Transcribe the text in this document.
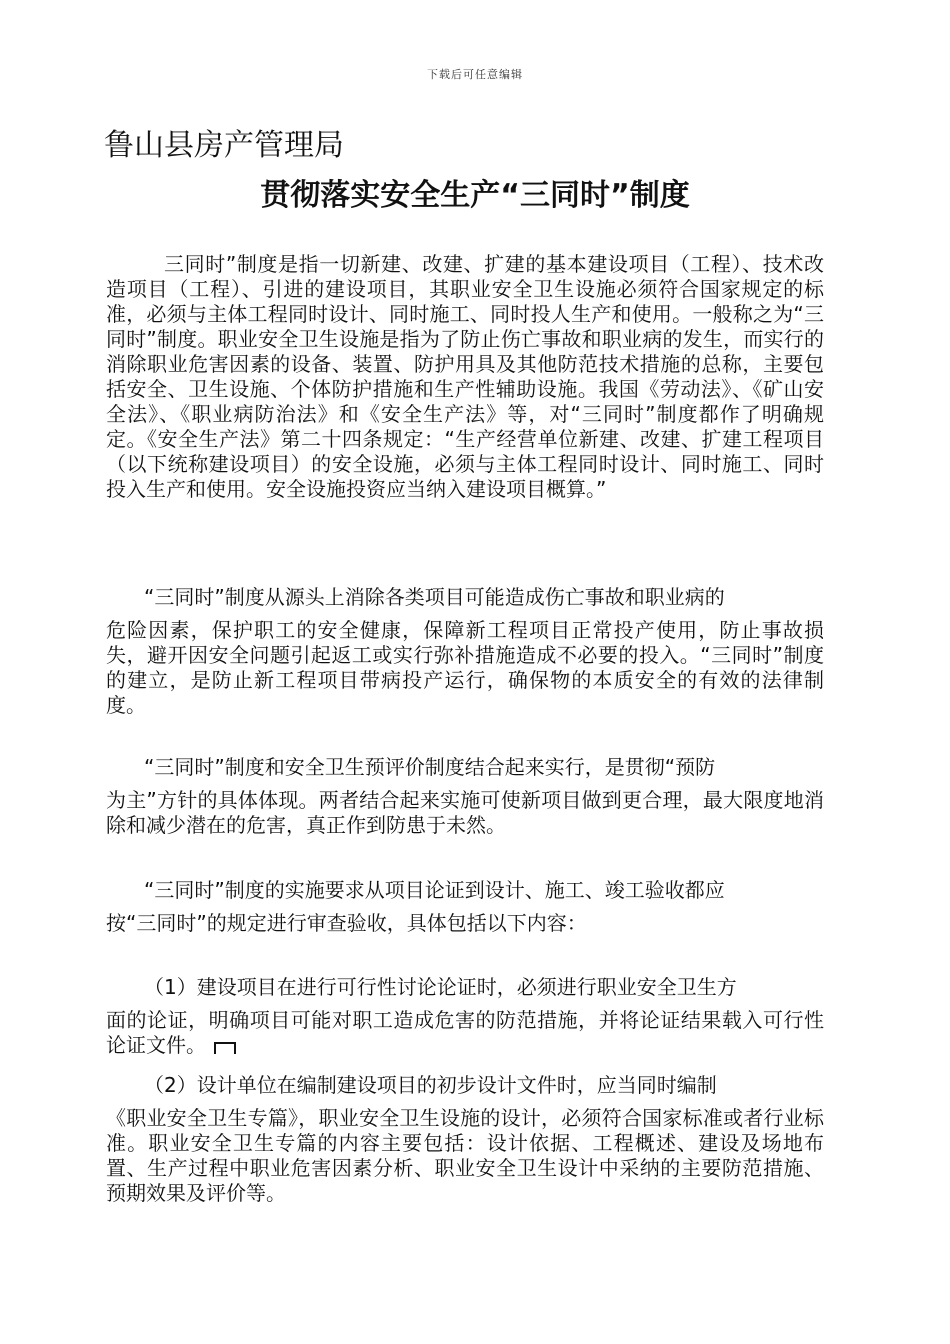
下载后可任意编辑
鲁山县房产管理局
贯彻落实安全生产“三同时”制度
三同时”制度是指一切新建、改建、扩建的基本建设项目（工程）、技术改造项目（工程）、引进的建设项目，其职业安全卫生设施必须符合国家规定的标准，必须与主体工程同时设计、同时施工、同时投人生产和使用。一般称之为“三同时”制度。职业安全卫生设施是指为了防止伤亡事故和职业病的发生，而实行的消除职业危害因素的设备、装置、防护用具及其他防范技术措施的总称，主要包括安全、卫生设施、个体防护措施和生产性辅助设施。我国《劳动法》、《矿山安全法》、《职业病防治法》和《安全生产法》等，对“三同时”制度都作了明确规定。《安全生产法》第二十四条规定：“生产经营单位新建、改建、扩建工程项目（以下统称建设项目）的安全设施，必须与主体工程同时设计、同时施工、同时投入生产和使用。安全设施投资应当纳入建设项目概算。”
“三同时”制度从源头上消除各类项目可能造成伤亡事故和职业病的
危险因素，保护职工的安全健康，保障新工程项目正常投产使用，防止事故损失，避开因安全问题引起返工或实行弥补措施造成不必要的投入。“三同时”制度的建立，是防止新工程项目带病投产运行，确保物的本质安全的有效的法律制度。
“三同时”制度和安全卫生预评价制度结合起来实行，是贯彻“预防
为主”方针的具体体现。两者结合起来实施可使新项目做到更合理，最大限度地消除和减少潜在的危害，真正作到防患于未然。
“三同时”制度的实施要求从项目论证到设计、施工、竣工验收都应
按“三同时”的规定进行审查验收，具体包括以下内容：
（1）建设项目在进行可行性讨论论证时，必须进行职业安全卫生方
面的论证，明确项目可能对职工造成危害的防范措施，并将论证结果载入可行性论证文件。
（2）设计单位在编制建设项目的初步设计文件时，应当同时编制
《职业安全卫生专篇》，职业安全卫生设施的设计，必须符合国家标准或者行业标准。职业安全卫生专篇的内容主要包括：设计依据、工程概述、建设及场地布置、生产过程中职业危害因素分析、职业安全卫生设计中采纳的主要防范措施、预期效果及评价等。
